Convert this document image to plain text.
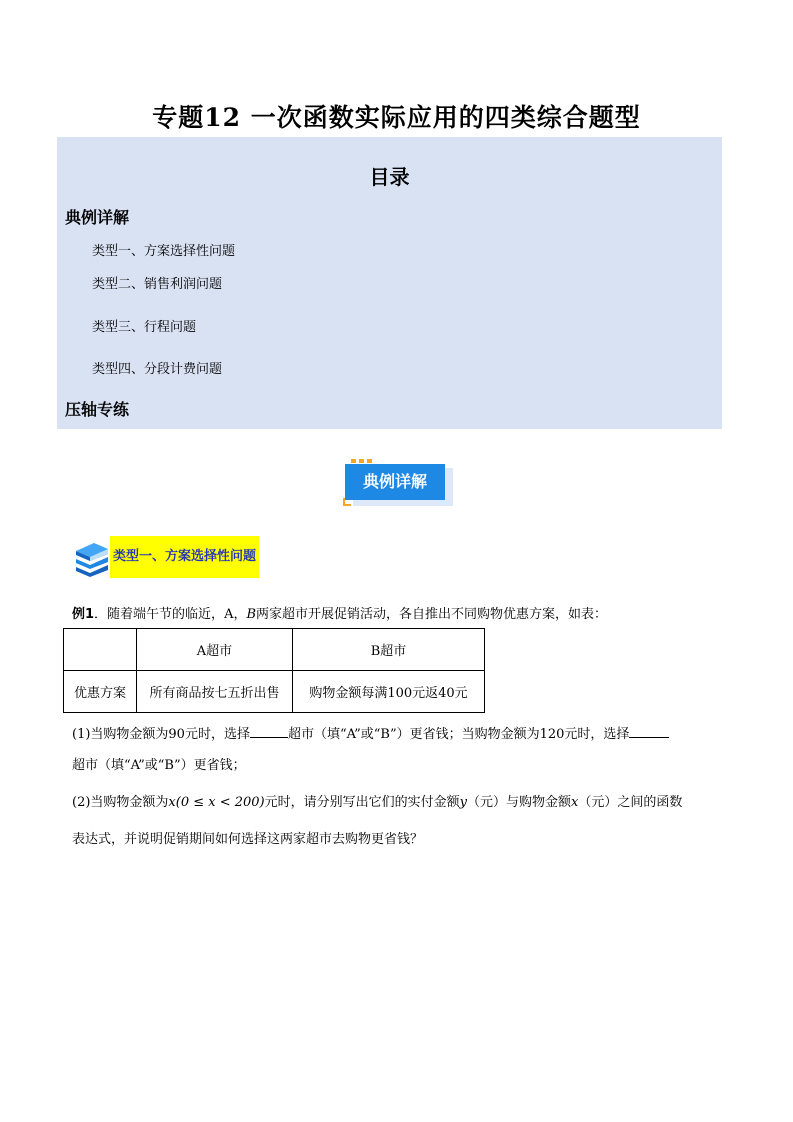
专题12 一次函数实际应用的四类综合题型
目录
典例详解
类型一、方案选择性问题
类型二、销售利润问题
类型三、行程问题
类型四、分段计费问题
压轴专练
典例详解
类型一、方案选择性问题
例1．随着端午节的临近，A，B两家超市开展促销活动，各自推出不同购物优惠方案，如表：
	A超市	B超市
优惠方案	所有商品按七五折出售	购物金额每满100元返40元
(1)当购物金额为90元时，选择	超市（填“A”或“B”）更省钱；当购物金额为120元时，选择
超市（填“A”或“B”）更省钱；
(2)当购物金额为x(0 ≤ x < 200)元时，请分别写出它们的实付金额y（元）与购物金额x（元）之间的函数
表达式，并说明促销期间如何选择这两家超市去购物更省钱？
